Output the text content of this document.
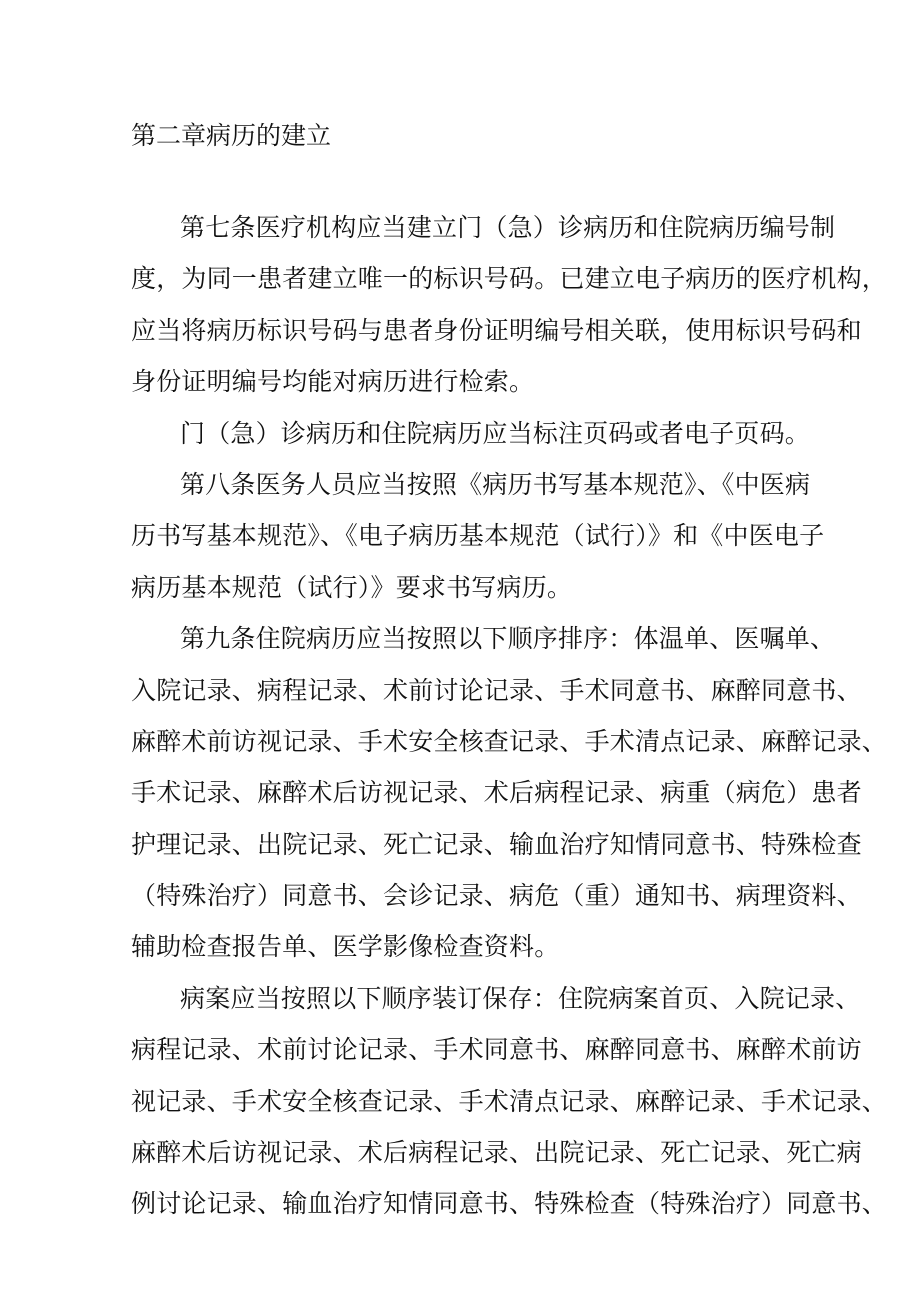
第二章病历的建立
第七条医疗机构应当建立门（急）诊病历和住院病历编号制
度，为同一患者建立唯一的标识号码。已建立电子病历的医疗机构，
应当将病历标识号码与患者身份证明编号相关联，使用标识号码和
身份证明编号均能对病历进行检索。
门（急）诊病历和住院病历应当标注页码或者电子页码。
第八条医务人员应当按照《病历书写基本规范》、《中医病
历书写基本规范》、《电子病历基本规范（试行）》和《中医电子
病历基本规范（试行）》要求书写病历。
第九条住院病历应当按照以下顺序排序：体温单、医嘱单、
入院记录、病程记录、术前讨论记录、手术同意书、麻醉同意书、
麻醉术前访视记录、手术安全核查记录、手术清点记录、麻醉记录、
手术记录、麻醉术后访视记录、术后病程记录、病重（病危）患者
护理记录、出院记录、死亡记录、输血治疗知情同意书、特殊检查
（特殊治疗）同意书、会诊记录、病危（重）通知书、病理资料、
辅助检查报告单、医学影像检查资料。
病案应当按照以下顺序装订保存：住院病案首页、入院记录、
病程记录、术前讨论记录、手术同意书、麻醉同意书、麻醉术前访
视记录、手术安全核查记录、手术清点记录、麻醉记录、手术记录、
麻醉术后访视记录、术后病程记录、出院记录、死亡记录、死亡病
例讨论记录、输血治疗知情同意书、特殊检查（特殊治疗）同意书、
